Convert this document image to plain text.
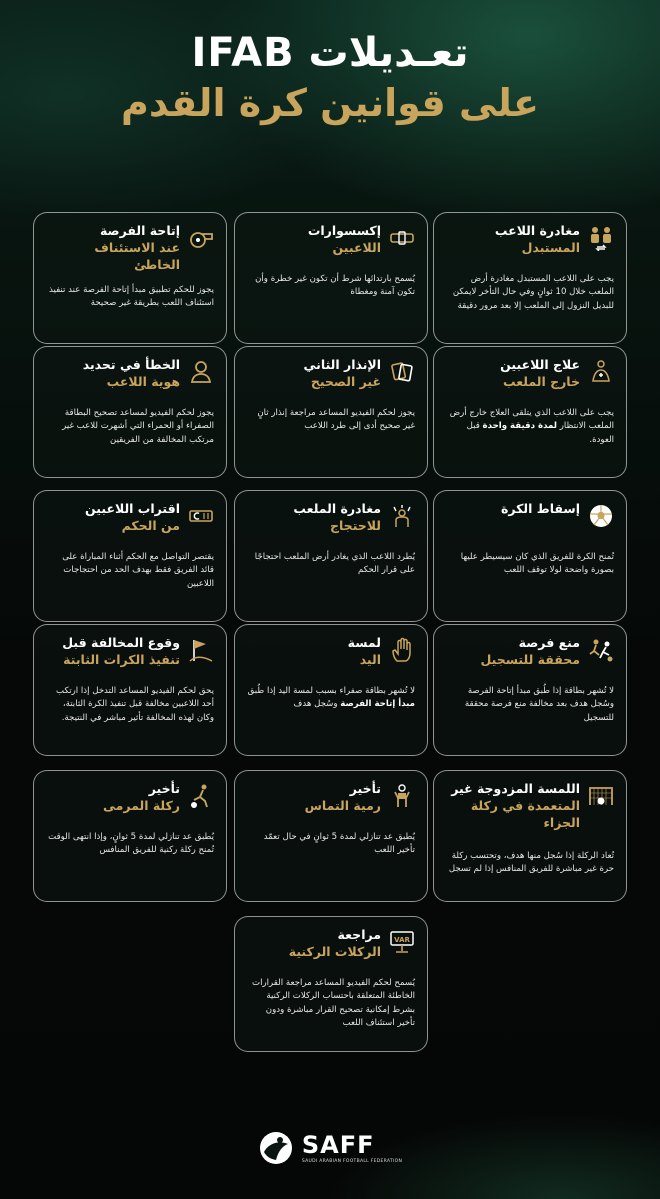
تعـديلات IFAB
على قوانين كرة القدم
مغادرة اللاعب
المستبدل
يجب على اللاعب المستبدل مغادرة أرض الملعب خلال 10 ثوانٍ وفي حال التأخر لايمكن للبديل النزول إلى الملعب إلا بعد مرور دقيقة
إكسسوارات
اللاعبين
يُسمح بارتدائها شرط أن تكون غير خطرة وأن تكون آمنة ومغطاة
إتاحة الفرصة
عند الاستئناف الخاطئ
يجوز للحكم تطبيق مبدأ إتاحة الفرصة عند تنفيذ استئناف اللعب بطريقة غير صحيحة
علاج اللاعبين
خارج الملعب
يجب على اللاعب الذي يتلقى العلاج خارج أرض الملعب الانتظار لمدة دقيقة واحدة قبل العودة.
الإنذار الثاني
غير الصحيح
يجوز لحكم الفيديو المساعد مراجعة إنذار ثانٍ غير صحيح أدى إلى طرد اللاعب
الخطأ في تحديد
هوية اللاعب
يجوز لحكم الفيديو لمساعد تصحيح البطاقة الصفراء أو الحمراء التي أشهرت للاعب غير مرتكب المخالفة من الفريقين
إسقاط الكرة
تُمنح الكرة للفريق الذي كان سيسيطر عليها بصورة واضحة لولا توقف اللعب
مغادرة الملعب
للاحتجاج
يُطرد اللاعب الذي يغادر أرض الملعب احتجاجًا على قرار الحكم
اقتراب اللاعبين
من الحكم
يقتصر التواصل مع الحكم أثناء المباراة على قائد الفريق فقط بهدف الحد من احتجاجات اللاعبين
منع فرصة
محققة للتسجيل
لا تُشهر بطاقة إذا طُبق مبدأ إتاحة الفرصة وسُجل هدف بعد مخالفة منع فرصة محققة للتسجيل
لمسة
اليد
لا تُشهر بطاقة صفراء بسبب لمسة اليد إذا طُبق مبدأ إتاحة الفرصة وسُجل هدف
وقوع المخالفة قبل
تنفيذ الكرات الثابتة
يحق لحكم الفيديو المساعد التدخل إذا ارتكب أحد اللاعبين مخالفة قبل تنفيذ الكرة الثابتة، وكان لهذه المخالفة تأثير مباشر في النتيجة.
اللمسة المزدوجة غير
المتعمدة في ركلة الجزاء
تُعاد الركلة إذا سُجل منها هدف، وتحتسب ركلة حرة غير مباشرة للفريق المنافس إذا لم تسجل
تأخير
رمية التماس
يُطبق عد تنازلي لمدة 5 ثوانٍ في حال تعمّد تأخير اللعب
تأخير
ركلة المرمى
يُطبق عد تنازلي لمدة 5 ثوانٍ، وإذا انتهى الوقت تُمنح ركلة ركنية للفريق المنافس
VAR
مراجعة
الركلات الركنية
يُسمح لحكم الفيديو المساعد مراجعة القرارات الخاطئة المتعلقة باحتساب الركلات الركنية بشرط إمكانية تصحيح القرار مباشرة ودون تأخير استئناف اللعب
SAFF
SAUDI ARABIAN FOOTBALL FEDERATION
